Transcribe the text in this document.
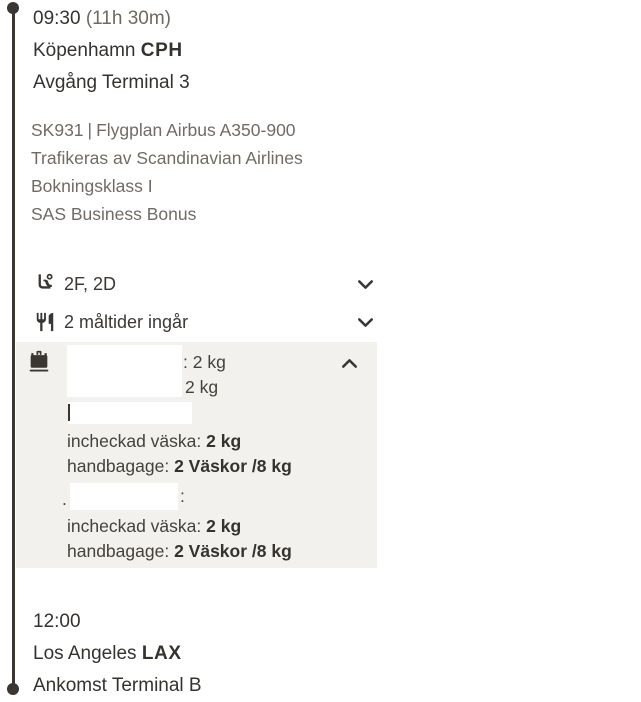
09:30 (11h 30m)
Köpenhamn CPH
Avgång Terminal 3
SK931 | Flygplan Airbus A350-900
Trafikeras av Scandinavian Airlines
Bokningsklass I
SAS Business Bonus
2F, 2D
2 måltider ingår
: 2 kg
2 kg
incheckad väska: 2 kg
handbagage: 2 Väskor /8 kg
.	:
incheckad väska: 2 kg
handbagage: 2 Väskor /8 kg
12:00
Los Angeles LAX
Ankomst Terminal B
